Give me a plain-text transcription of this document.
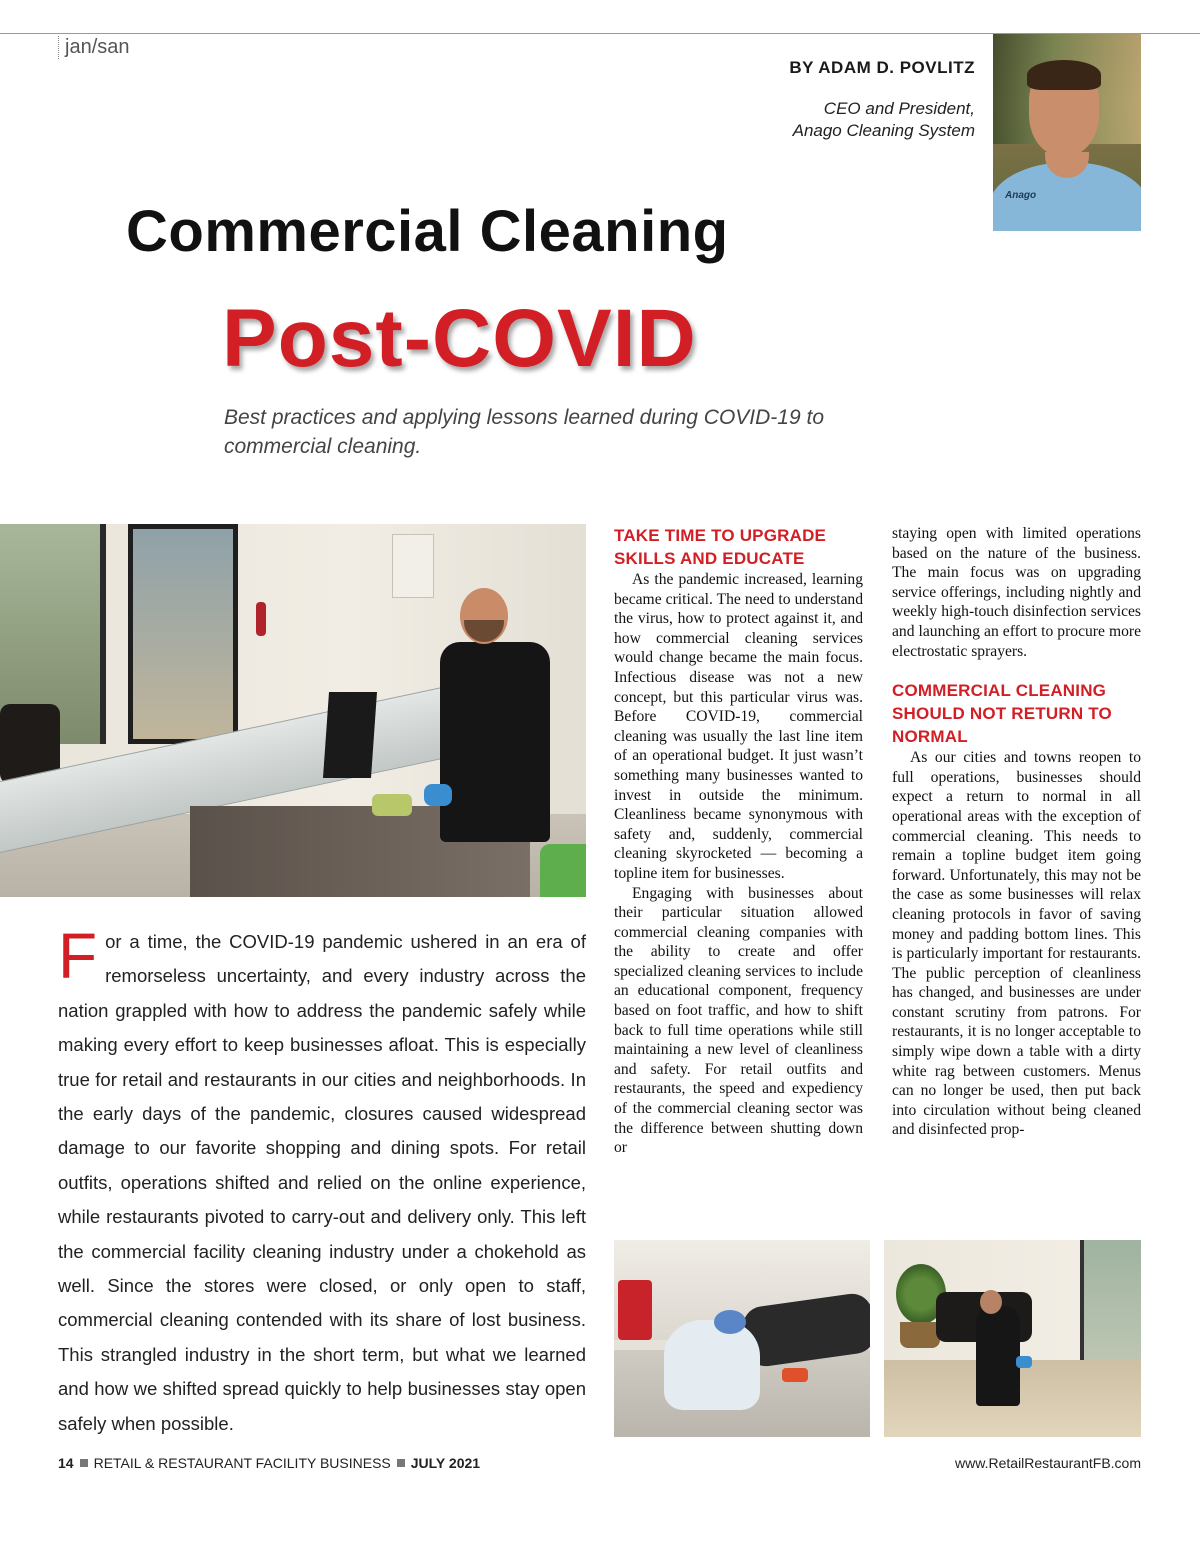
jan/san
BY ADAM D. POVLITZ
CEO and President,
Anago Cleaning System
Anago
Commercial Cleaning
Post-COVID
Best practices and applying lessons learned during COVID-19 to commercial cleaning.
For a time, the COVID-19 pandemic ushered in an era of remorseless uncertainty, and every industry across the nation grappled with how to address the pandemic safely while making every effort to keep businesses afloat. This is especially true for retail and restaurants in our cities and neighborhoods. In the early days of the pandemic, closures caused widespread damage to our favorite shopping and dining spots. For retail outfits, operations shifted and relied on the online experience, while restaurants pivoted to carry-out and delivery only. This left the commercial facility cleaning industry under a chokehold as well. Since the stores were closed, or only open to staff, commercial cleaning contended with its share of lost business. This strangled industry in the short term, but what we learned and how we shifted spread quickly to help businesses stay open safely when possible.
TAKE TIME TO UPGRADE SKILLS AND EDUCATE

As the pandemic increased, learning became critical. The need to understand the virus, how to protect against it, and how commercial cleaning services would change became the main focus. Infectious disease was not a new concept, but this particular virus was. Before COVID-19, commercial cleaning was usually the last line item of an operational budget. It just wasn’t something many businesses wanted to invest in outside the minimum. Cleanliness became synonymous with safety and, suddenly, commercial cleaning skyrocketed — becoming a topline item for businesses.

Engaging with businesses about their particular situation allowed commercial cleaning companies with the ability to create and offer specialized cleaning services to include an educational component, frequency based on foot traffic, and how to shift back to full time operations while still maintaining a new level of cleanliness and safety. For retail outfits and restaurants, the speed and expediency of the commercial cleaning sector was the difference between shutting down or

staying open with limited operations based on the nature of the business. The main focus was on upgrading service offerings, including nightly and weekly high-touch disinfection services and launching an effort to procure more electrostatic sprayers.

COMMERCIAL CLEANING SHOULD NOT RETURN TO NORMAL

As our cities and towns reopen to full operations, businesses should expect a return to normal in all operational areas with the exception of commercial cleaning. This needs to remain a topline budget item going forward. Unfortunately, this may not be the case as some businesses will relax cleaning protocols in favor of saving money and padding bottom lines. This is particularly important for restaurants. The public perception of cleanliness has changed, and businesses are under constant scrutiny from patrons. For restaurants, it is no longer acceptable to simply wipe down a table with a dirty white rag between customers. Menus can no longer be used, then put back into circulation without being cleaned and disinfected prop-

14 RETAIL & RESTAURANT FACILITY BUSINESS JULY 2021	www.RetailRestaurantFB.com
